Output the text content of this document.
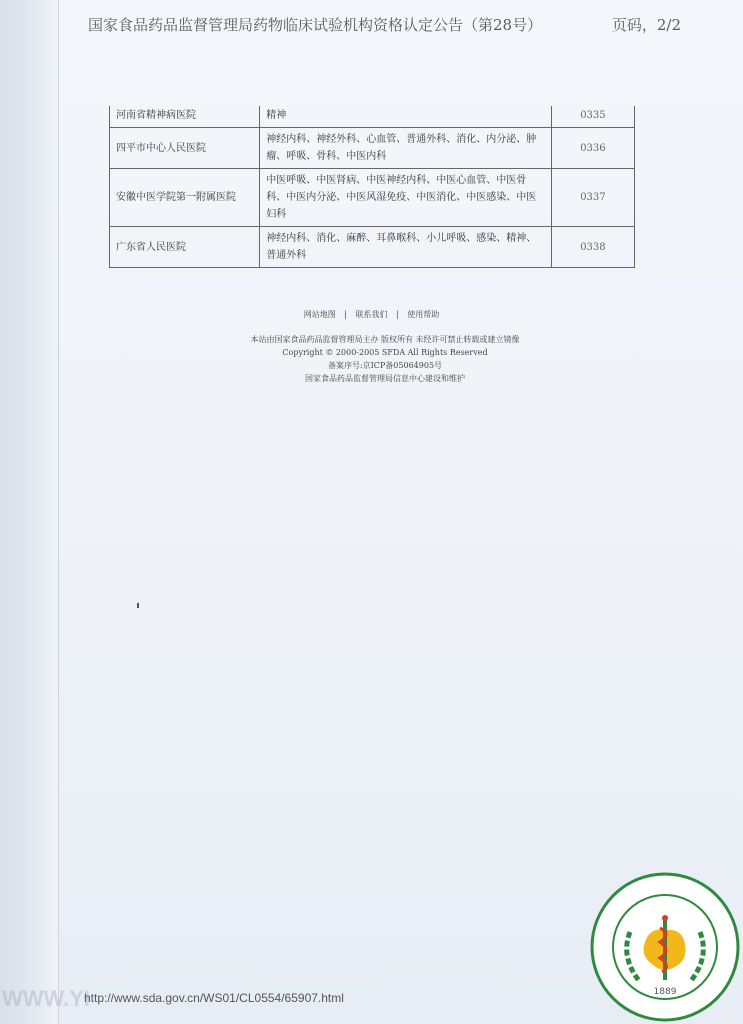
国家食品药品监督管理局药物临床试验机构资格认定公告（第28号）	页码，2/2
河南省精神病医院	精神	0335
四平市中心人民医院	神经内科、神经外科、心血管、普通外科、消化、内分泌、肿瘤、呼吸、骨科、中医内科	0336
安徽中医学院第一附属医院	中医呼吸、中医肾病、中医神经内科、中医心血管、中医骨科、中医内分泌、中医风湿免疫、中医消化、中医感染、中医妇科	0337
广东省人民医院	神经内科、消化、麻醉、耳鼻喉科、小儿呼吸、感染、精神、普通外科	0338
网站地图 | 联系我们 | 使用帮助
本站由国家食品药品监督管理局主办 版权所有 未经许可禁止转载或建立镜像
Copyright © 2000-2005 SFDA All Rights Reserved
备案序号:京ICP备05064905号
国家食品药品监督管理局信息中心建设和维护
WWW.YI
http://www.sda.gov.cn/WS01/CL0554/65907.html	1889
